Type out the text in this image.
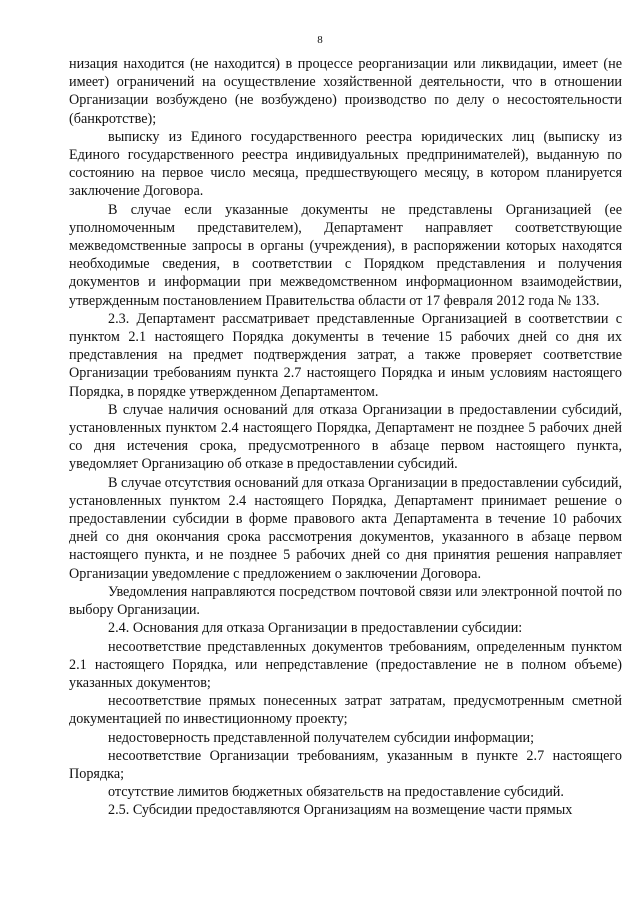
8

низация находится (не находится) в процессе реорганизации или ликвидации, имеет (не имеет) ограничений на осуществление хозяйственной деятельности, что в отношении Организации возбуждено (не возбуждено) производство по делу о несостоятельности (банкротстве);

выписку из Единого государственного реестра юридических лиц (выписку из Единого государственного реестра индивидуальных предпринимателей), выданную по состоянию на первое число месяца, предшествующего месяцу, в котором планируется заключение Договора.

В случае если указанные документы не представлены Организацией (ее уполномоченным представителем), Департамент направляет соответствующие межведомственные запросы в органы (учреждения), в распоряжении которых находятся необходимые сведения, в соответствии с Порядком представления и получения документов и информации при межведомственном информационном взаимодействии, утвержденным постановлением Правительства области от 17 февраля 2012 года № 133.

2.3. Департамент рассматривает представленные Организацией в соответствии с пунктом 2.1 настоящего Порядка документы в течение 15 рабочих дней со дня их представления на предмет подтверждения затрат, а также проверяет соответствие Организации требованиям пункта 2.7 настоящего Порядка и иным условиям настоящего Порядка, в порядке утвержденном Департаментом.

В случае наличия оснований для отказа Организации в предоставлении субсидий, установленных пунктом 2.4 настоящего Порядка, Департамент не позднее 5 рабочих дней со дня истечения срока, предусмотренного в абзаце первом настоящего пункта, уведомляет Организацию об отказе в предоставлении субсидий.

В случае отсутствия оснований для отказа Организации в предоставлении субсидий, установленных пунктом 2.4 настоящего Порядка, Департамент принимает решение о предоставлении субсидии в форме правового акта Департамента в течение 10 рабочих дней со дня окончания срока рассмотрения документов, указанного в абзаце первом настоящего пункта, и не позднее 5 рабочих дней со дня принятия решения направляет Организации уведомление с предложением о заключении Договора.

Уведомления направляются посредством почтовой связи или электронной почтой по выбору Организации.

2.4. Основания для отказа Организации в предоставлении субсидии:

несоответствие представленных документов требованиям, определенным пунктом 2.1 настоящего Порядка, или непредставление (предоставление не в полном объеме) указанных документов;

несоответствие прямых понесенных затрат затратам, предусмотренным сметной документацией по инвестиционному проекту;

недостоверность представленной получателем субсидии информации;

несоответствие Организации требованиям, указанным в пункте 2.7 настоящего Порядка;

отсутствие лимитов бюджетных обязательств на предоставление субсидий.

2.5. Субсидии предоставляются Организациям на возмещение части прямых
